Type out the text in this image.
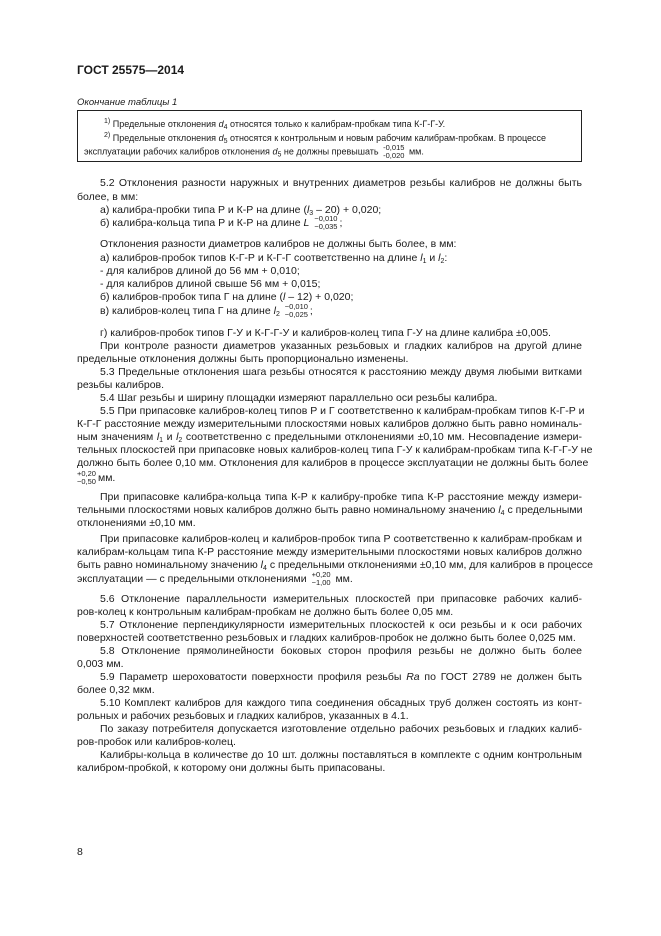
ГОСТ 25575—2014
Окончание таблицы 1
$^{1)}$ Предельные отклонения $d_4$ относятся только к калибрам-пробкам типа К-Г-Г-У.
$^{2)}$ Предельные отклонения $d_5$ относятся к контрольным и новым рабочим калибрам-пробкам. В процессе
эксплуатации рабочих калибров отклонения $d_5$ не должны превышать -0,015
-0,020 мм.
5.2 Отклонения разности наружных и внутренних диаметров резьбы калибров не должны быть
более, в мм:
а) калибра-пробки типа Р и К-Р на длине $(l_3 - 20) + 0,020$;
б) калибра-кольца типа Р и К-Р на длине L −0,010
−0,035 ;
Отклонения разности диаметров калибров не должны быть более, в мм:
а) калибров-пробок типов К-Г-Р и К-Г-Г соответственно на длине $l_1$ и $l_2$:
- для калибров длиной до 56 мм + 0,010;
- для калибров длиной свыше 56 мм + 0,015;
б) калибров-пробок типа Г на длине (l – 12) + 0,020;
в) калибров-колец типа Г на длине $l_2$
−0,010
−0,025 ;
г) калибров-пробок типов Г-У и К-Г-Г-У и калибров-колец типа Г-У на длине калибра ±0,005.
При контроле разности диаметров указанных резьбовых и гладких калибров на другой длине
предельные отклонения должны быть пропорционально изменены.
5.3 Предельные отклонения шага резьбы относятся к расстоянию между двумя любыми витками
резьбы калибров.
5.4 Шаг резьбы и ширину площадки измеряют параллельно оси резьбы калибра.
5.5 При припасовке калибров-колец типов Р и Г соответственно к калибрам-пробкам типов К-Г-Р и
К-Г-Г расстояние между измерительными плоскостями новых калибров должно быть равно номиналь-
ным значениям $l_1$ и $l_2$ соответственно с предельными отклонениями ±0,10 мм. Несовпадение измери-
тельных плоскостей при припасовке новых калибров-колец типа Г-У к калибрам-пробкам типа К-Г-Г-У не
должно быть более 0,10 мм. Отклонения для калибров в процессе эксплуатации не должны быть более
+0,20
−0,50 мм.
При припасовке калибра-кольца типа К-Р к калибру-пробке типа К-Р расстояние между измери-
тельными плоскостями новых калибров должно быть равно номинальному значению $l_4$ с предельными
отклонениями ±0,10 мм.
При припасовке калибров-колец и калибров-пробок типа Р соответственно к калибрам-пробкам и
калибрам-кольцам типа К-Р расстояние между измерительными плоскостями новых калибров должно
быть равно номинальному значению $l_4$ с предельными отклонениями ±0,10 мм, для калибров в процессе
эксплуатации — с предельными отклонениями +0,20
−1,00 мм.
5.6 Отклонение параллельности измерительных плоскостей при припасовке рабочих калиб-
ров-колец к контрольным калибрам-пробкам не должно быть более 0,05 мм.
5.7 Отклонение перпендикулярности измерительных плоскостей к оси резьбы и к оси рабочих
поверхностей соответственно резьбовых и гладких калибров-пробок не должно быть более 0,025 мм.
5.8 Отклонение прямолинейности боковых сторон профиля резьбы не должно быть более
0,003 мм.
5.9 Параметр шероховатости поверхности профиля резьбы Ra по ГОСТ 2789 не должен быть
более 0,32 мкм.
5.10 Комплект калибров для каждого типа соединения обсадных труб должен состоять из конт-
рольных и рабочих резьбовых и гладких калибров, указанных в 4.1.
По заказу потребителя допускается изготовление отдельно рабочих резьбовых и гладких калиб-
ров-пробок или калибров-колец.
Калибры-кольца в количестве до 10 шт. должны поставляться в комплекте с одним контрольным
калибром-пробкой, к которому они должны быть припасованы.
8
